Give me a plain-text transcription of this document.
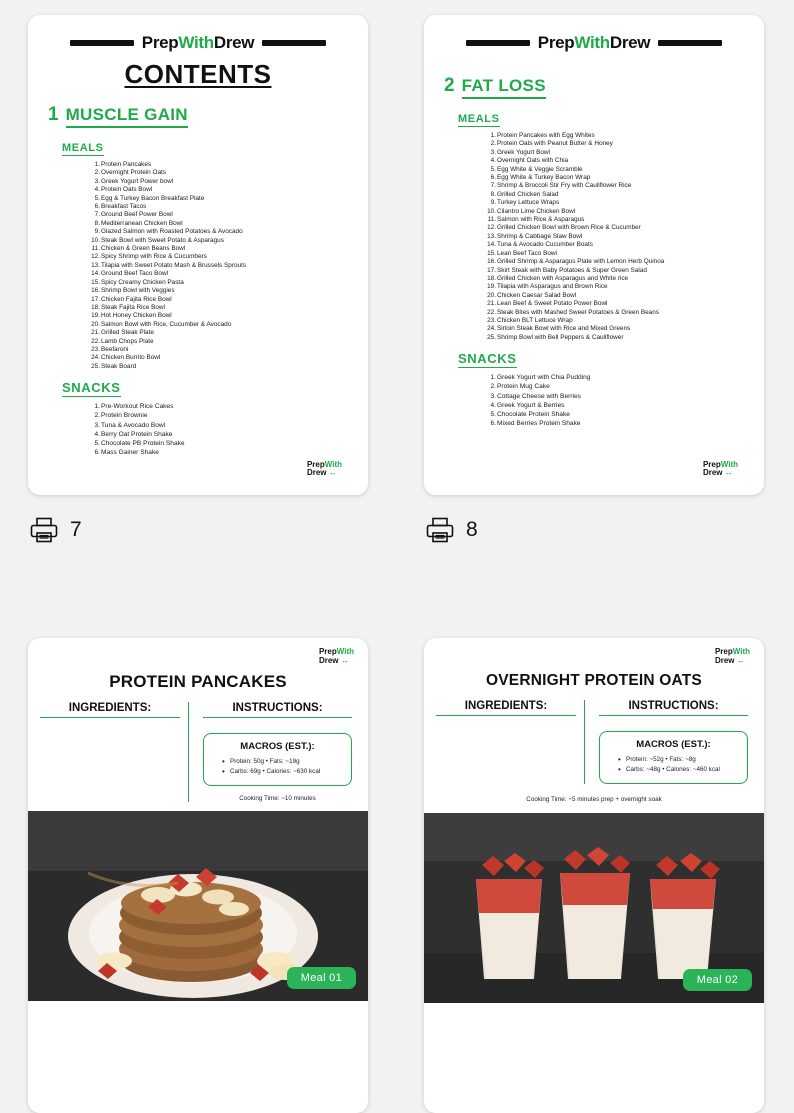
PrepWithDrew
CONTENTS
1 MUSCLE GAIN
MEALS
Protein Pancakes
Overnight Protein Oats
Greek Yogurt Power bowl
Protein Oats Bowl
Egg & Turkey Bacon Breakfast Plate
Breakfast Tacos
Ground Beef Power Bowl
Mediterranean Chicken Bowl
Glazed Salmon with Roasted Potatoes & Avocado
Steak Bowl with Sweet Potato & Asparagus
Chicken & Green Beans Bowl
Spicy Shrimp with Rice & Cucumbers
Tilapia with Sweet Potato Mash & Brussels Sprouts
Ground Beef Taco Bowl
Spicy Creamy Chicken Pasta
Shrimp Bowl with Veggies
Chicken Fajita Rice Bowl
Steak Fajita Rice Bowl
Hot Honey Chicken Bowl
Salmon Bowl with Rice, Cucumber & Avocado
Grilled Steak Plate
Lamb Chops Plate
Beefaroni
Chicken Burrito Bowl
Steak Board
SNACKS
Pre-Workout Rice Cakes
Protein Brownie
Tuna & Avocado Bowl
Berry Oat Protein Shake
Chocolate PB Protein Shake
Mass Gainer Shake
PrepWith
Drew ↔
7
PrepWithDrew
2 FAT LOSS
MEALS
Protein Pancakes with Egg Whites
Protein Oats with Peanut Butter & Honey
Greek Yogurt Bowl
Overnight Oats with Chia
Egg White & Veggie Scramble
Egg White & Turkey Bacon Wrap
Shrimp & Broccoli Stir Fry with Cauliflower Rice
Grilled Chicken Salad
Turkey Lettuce Wraps
Cilantro Lime Chicken Bowl
Salmon with Rice & Asparagus
Grilled Chicken Bowl with Brown Rice & Cucumber
Shrimp & Cabbage Slaw Bowl
Tuna & Avocado Cucumber Boats
Lean Beef Taco Bowl
Grilled Shrimp & Asparagus Plate with Lemon Herb Quinoa
Skirt Steak with Baby Potatoes & Super Green Salad
Grilled Chicken with Asparagus and White rice
Tilapia with Asparagus and Brown Rice
Chicken Caesar Salad Bowl
Lean Beef & Sweet Potato Power Bowl
Steak Bites with Mashed Sweet Potatoes & Green Beans
Chicken BLT Lettuce Wrap
Sirloin Steak Bowl with Rice and Mixed Greens
Shrimp Bowl with Bell Peppers & Cauliflower
SNACKS
Greek Yogurt with Chia Pudding
Protein Mug Cake
Cottage Cheese with Berries
Greek Yogurt & Berries
Chocolate Protein Shake
Mixed Berries Protein Shake
PrepWith
Drew ↔
8
PrepWith
Drew ↔
PROTEIN PANCAKES
INGREDIENTS:	INSTRUCTIONS:
MACROS (EST.):
• Protein: 50g • Fats: ~19g
• Carbs: 69g • Calories: ~630 kcal
Cooking Time: ~10 minutes
Meal 01
PrepWith
Drew ↔
OVERNIGHT PROTEIN OATS
INGREDIENTS:	INSTRUCTIONS:
MACROS (EST.):
• Protein: ~52g • Fats: ~8g
• Carbs: ~48g • Calories: ~460 kcal
Cooking Time: ~5 minutes prep + overnight soak
Meal 02
